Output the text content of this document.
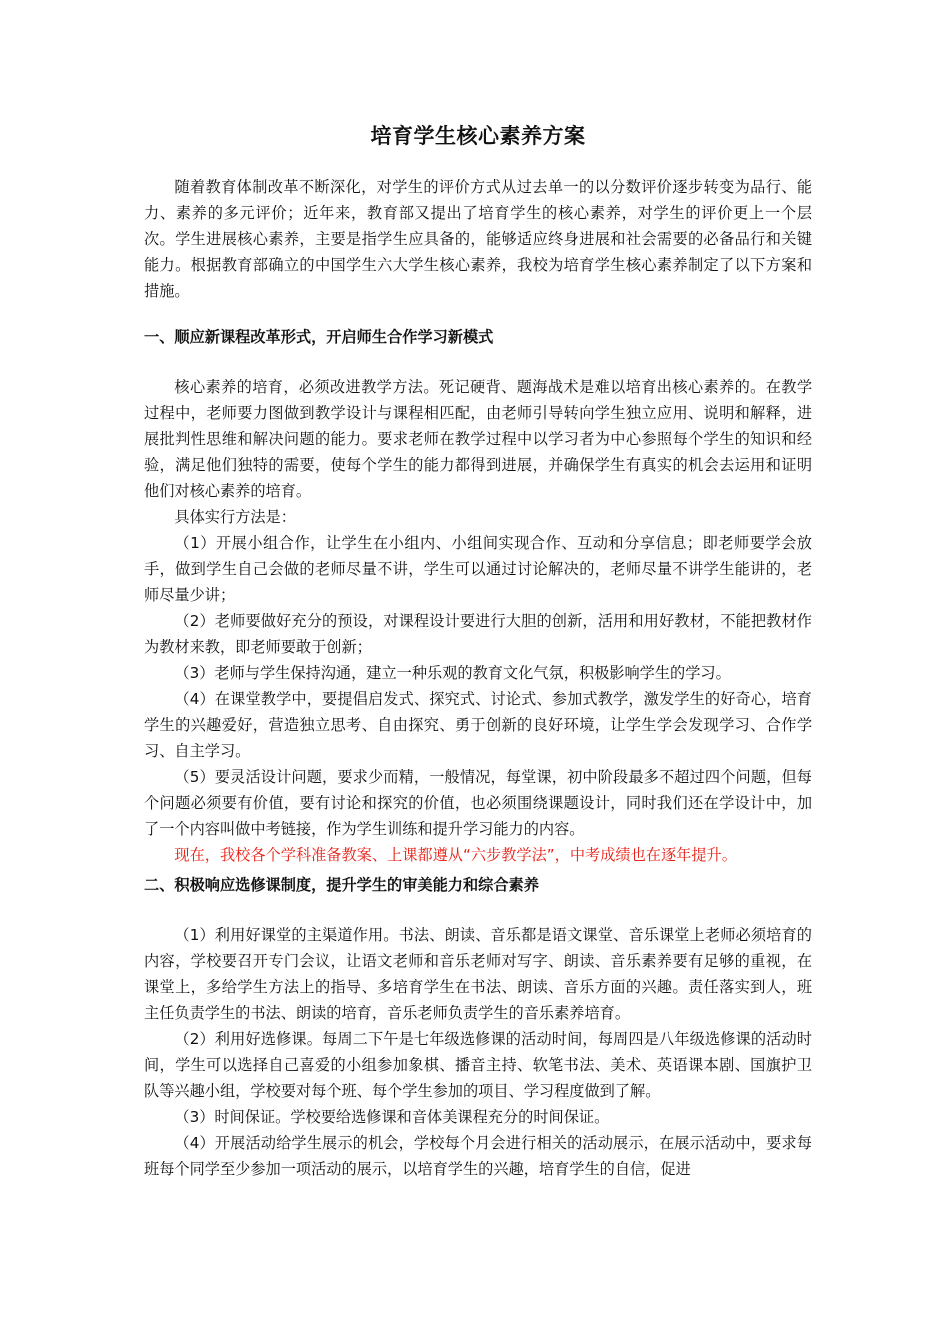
培育学生核心素养方案

随着教育体制改革不断深化，对学生的评价方式从过去单一的以分数评价逐步转变为品行、能力、素养的多元评价；近年来，教育部又提出了培育学生的核心素养，对学生的评价更上一个层次。学生进展核心素养，主要是指学生应具备的，能够适应终身进展和社会需要的必备品行和关键能力。根据教育部确立的中国学生六大学生核心素养，我校为培育学生核心素养制定了以下方案和措施。

一、顺应新课程改革形式，开启师生合作学习新模式

核心素养的培育，必须改进教学方法。死记硬背、题海战术是难以培育出核心素养的。在教学过程中，老师要力图做到教学设计与课程相匹配，由老师引导转向学生独立应用、说明和解释，进展批判性思维和解决问题的能力。要求老师在教学过程中以学习者为中心参照每个学生的知识和经验，满足他们独特的需要，使每个学生的能力都得到进展，并确保学生有真实的机会去运用和证明他们对核心素养的培育。

具体实行方法是：

（1）开展小组合作，让学生在小组内、小组间实现合作、互动和分享信息；即老师要学会放手，做到学生自己会做的老师尽量不讲，学生可以通过讨论解决的，老师尽量不讲学生能讲的，老师尽量少讲；

（2）老师要做好充分的预设，对课程设计要进行大胆的创新，活用和用好教材，不能把教材作为教材来教，即老师要敢于创新；

（3）老师与学生保持沟通，建立一种乐观的教育文化气氛，积极影响学生的学习。

（4）在课堂教学中，要提倡启发式、探究式、讨论式、参加式教学，激发学生的好奇心，培育学生的兴趣爱好，营造独立思考、自由探究、勇于创新的良好环境，让学生学会发现学习、合作学习、自主学习。

（5）要灵活设计问题，要求少而精，一般情况，每堂课，初中阶段最多不超过四个问题，但每个问题必须要有价值，要有讨论和探究的价值，也必须围绕课题设计，同时我们还在学设计中，加了一个内容叫做中考链接，作为学生训练和提升学习能力的内容。

现在，我校各个学科准备教案、上课都遵从“六步教学法”，中考成绩也在逐年提升。

二、积极响应选修课制度，提升学生的审美能力和综合素养

（1）利用好课堂的主渠道作用。书法、朗读、音乐都是语文课堂、音乐课堂上老师必须培育的内容，学校要召开专门会议，让语文老师和音乐老师对写字、朗读、音乐素养要有足够的重视，在课堂上，多给学生方法上的指导、多培育学生在书法、朗读、音乐方面的兴趣。责任落实到人，班主任负责学生的书法、朗读的培育，音乐老师负责学生的音乐素养培育。

（2）利用好选修课。每周二下午是七年级选修课的活动时间，每周四是八年级选修课的活动时间，学生可以选择自己喜爱的小组参加象棋、播音主持、软笔书法、美术、英语课本剧、国旗护卫队等兴趣小组，学校要对每个班、每个学生参加的项目、学习程度做到了解。

（3）时间保证。学校要给选修课和音体美课程充分的时间保证。

（4）开展活动给学生展示的机会，学校每个月会进行相关的活动展示，在展示活动中，要求每班每个同学至少参加一项活动的展示，以培育学生的兴趣，培育学生的自信，促进
